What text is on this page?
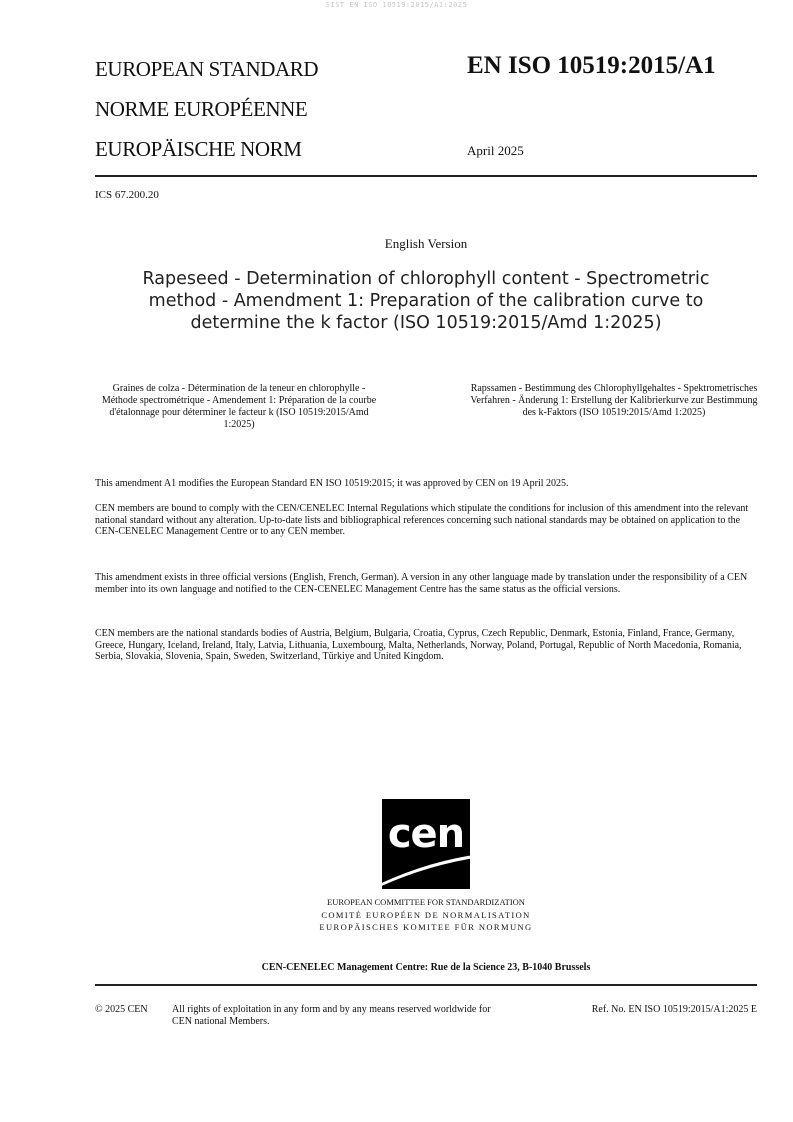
SIST EN ISO 10519:2015/A1:2025
EUROPEAN STANDARD
NORME EUROPÉENNE
EUROPÄISCHE NORM
EN ISO 10519:2015/A1
April 2025
ICS 67.200.20
English Version
Rapeseed - Determination of chlorophyll content - Spectrometric method - Amendment 1: Preparation of the calibration curve to determine the k factor (ISO 10519:2015/Amd 1:2025)
Graines de colza - Détermination de la teneur en chlorophylle - Méthode spectrométrique - Amendement 1: Préparation de la courbe d'étalonnage pour déterminer le facteur k (ISO 10519:2015/Amd 1:2025)
Rapssamen - Bestimmung des Chlorophyllgehaltes - Spektrometrisches Verfahren - Änderung 1: Erstellung der Kalibrierkurve zur Bestimmung des k-Faktors (ISO 10519:2015/Amd 1:2025)
This amendment A1 modifies the European Standard EN ISO 10519:2015; it was approved by CEN on 19 April 2025.
CEN members are bound to comply with the CEN/CENELEC Internal Regulations which stipulate the conditions for inclusion of this amendment into the relevant national standard without any alteration. Up-to-date lists and bibliographical references concerning such national standards may be obtained on application to the CEN-CENELEC Management Centre or to any CEN member.
This amendment exists in three official versions (English, French, German). A version in any other language made by translation under the responsibility of a CEN member into its own language and notified to the CEN-CENELEC Management Centre has the same status as the official versions.
CEN members are the national standards bodies of Austria, Belgium, Bulgaria, Croatia, Cyprus, Czech Republic, Denmark, Estonia, Finland, France, Germany, Greece, Hungary, Iceland, Ireland, Italy, Latvia, Lithuania, Luxembourg, Malta, Netherlands, Norway, Poland, Portugal, Republic of North Macedonia, Romania, Serbia, Slovakia, Slovenia, Spain, Sweden, Switzerland, Türkiye and United Kingdom.
cen
EUROPEAN COMMITTEE FOR STANDARDIZATION
COMITÉ EUROPÉEN DE NORMALISATION
EUROPÄISCHES KOMITEE FÜR NORMUNG
CEN-CENELEC Management Centre: Rue de la Science 23, B-1040 Brussels
© 2025 CEN All rights of exploitation in any form and by any means reserved worldwide for CEN national Members.
Ref. No. EN ISO 10519:2015/A1:2025 E
